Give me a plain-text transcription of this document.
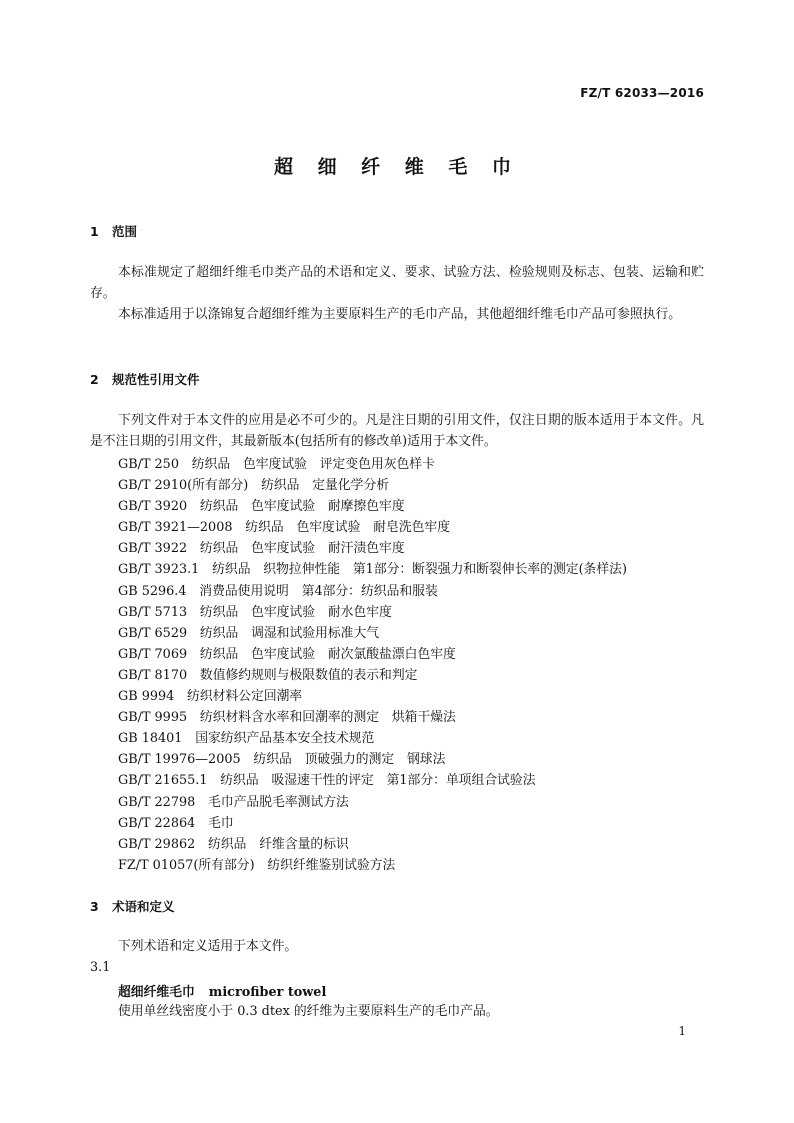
FZ/T 62033—2016
超 细 纤 维 毛 巾
1 范围
本标准规定了超细纤维毛巾类产品的术语和定义、要求、试验方法、检验规则及标志、包装、运输和贮存。
本标准适用于以涤锦复合超细纤维为主要原料生产的毛巾产品，其他超细纤维毛巾产品可参照执行。
2 规范性引用文件
下列文件对于本文件的应用是必不可少的。凡是注日期的引用文件，仅注日期的版本适用于本文件。凡是不注日期的引用文件，其最新版本(包括所有的修改单)适用于本文件。
GB/T 250　纺织品　色牢度试验　评定变色用灰色样卡
GB/T 2910(所有部分)　纺织品　定量化学分析
GB/T 3920　纺织品　色牢度试验　耐摩擦色牢度
GB/T 3921—2008　纺织品　色牢度试验　耐皂洗色牢度
GB/T 3922　纺织品　色牢度试验　耐汗渍色牢度
GB/T 3923.1　纺织品　织物拉伸性能　第1部分：断裂强力和断裂伸长率的测定(条样法)
GB 5296.4　消费品使用说明　第4部分：纺织品和服装
GB/T 5713　纺织品　色牢度试验　耐水色牢度
GB/T 6529　纺织品　调湿和试验用标准大气
GB/T 7069　纺织品　色牢度试验　耐次氯酸盐漂白色牢度
GB/T 8170　数值修约规则与极限数值的表示和判定
GB 9994　纺织材料公定回潮率
GB/T 9995　纺织材料含水率和回潮率的测定　烘箱干燥法
GB 18401　国家纺织产品基本安全技术规范
GB/T 19976—2005　纺织品　顶破强力的测定　钢球法
GB/T 21655.1　纺织品　吸湿速干性的评定　第1部分：单项组合试验法
GB/T 22798　毛巾产品脱毛率测试方法
GB/T 22864　毛巾
GB/T 29862　纺织品　纤维含量的标识
FZ/T 01057(所有部分)　纺织纤维鉴别试验方法
3 术语和定义
下列术语和定义适用于本文件。
3.1
超细纤维毛巾 microfiber towel
使用单丝线密度小于 0.3 dtex 的纤维为主要原料生产的毛巾产品。
1
